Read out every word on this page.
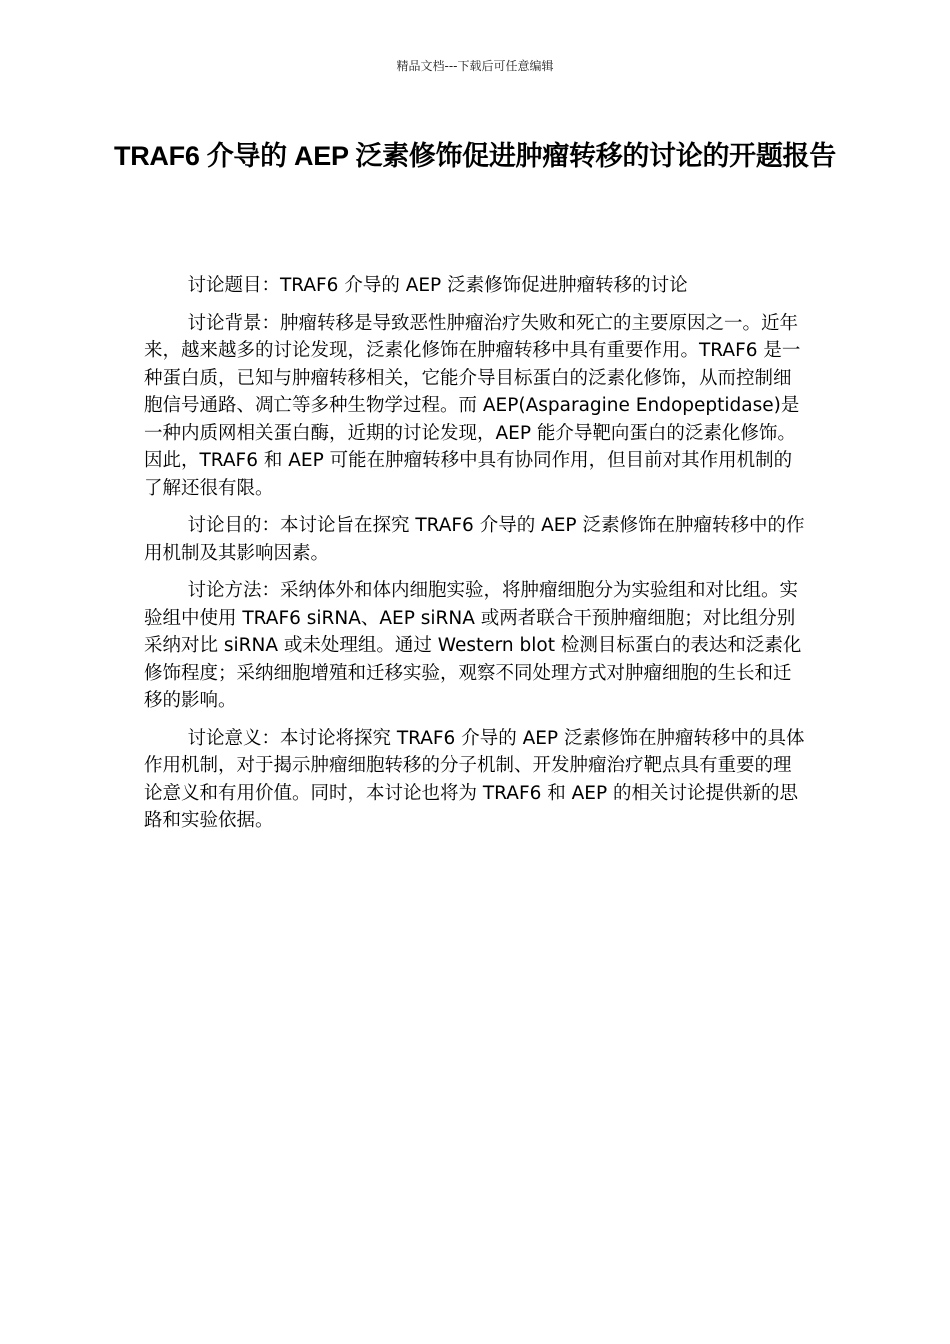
精品文档---下载后可任意编辑
TRAF6 介导的 AEP 泛素修饰促进肿瘤转移的讨论的开题报告

讨论题目：TRAF6 介导的 AEP 泛素修饰促进肿瘤转移的讨论

讨论背景：肿瘤转移是导致恶性肿瘤治疗失败和死亡的主要原因之一。近年来，越来越多的讨论发现，泛素化修饰在肿瘤转移中具有重要作用。TRAF6 是一种蛋白质，已知与肿瘤转移相关，它能介导目标蛋白的泛素化修饰，从而控制细胞信号通路、凋亡等多种生物学过程。而 AEP(Asparagine Endopeptidase)是一种内质网相关蛋白酶，近期的讨论发现，AEP 能介导靶向蛋白的泛素化修饰。因此，TRAF6 和 AEP 可能在肿瘤转移中具有协同作用，但目前对其作用机制的了解还很有限。

讨论目的：本讨论旨在探究 TRAF6 介导的 AEP 泛素修饰在肿瘤转移中的作用机制及其影响因素。

讨论方法：采纳体外和体内细胞实验，将肿瘤细胞分为实验组和对比组。实验组中使用 TRAF6 siRNA、AEP siRNA 或两者联合干预肿瘤细胞；对比组分别采纳对比 siRNA 或未处理组。通过 Western blot 检测目标蛋白的表达和泛素化修饰程度；采纳细胞增殖和迁移实验，观察不同处理方式对肿瘤细胞的生长和迁移的影响。

讨论意义：本讨论将探究 TRAF6 介导的 AEP 泛素修饰在肿瘤转移中的具体作用机制，对于揭示肿瘤细胞转移的分子机制、开发肿瘤治疗靶点具有重要的理论意义和有用价值。同时，本讨论也将为 TRAF6 和 AEP 的相关讨论提供新的思路和实验依据。
